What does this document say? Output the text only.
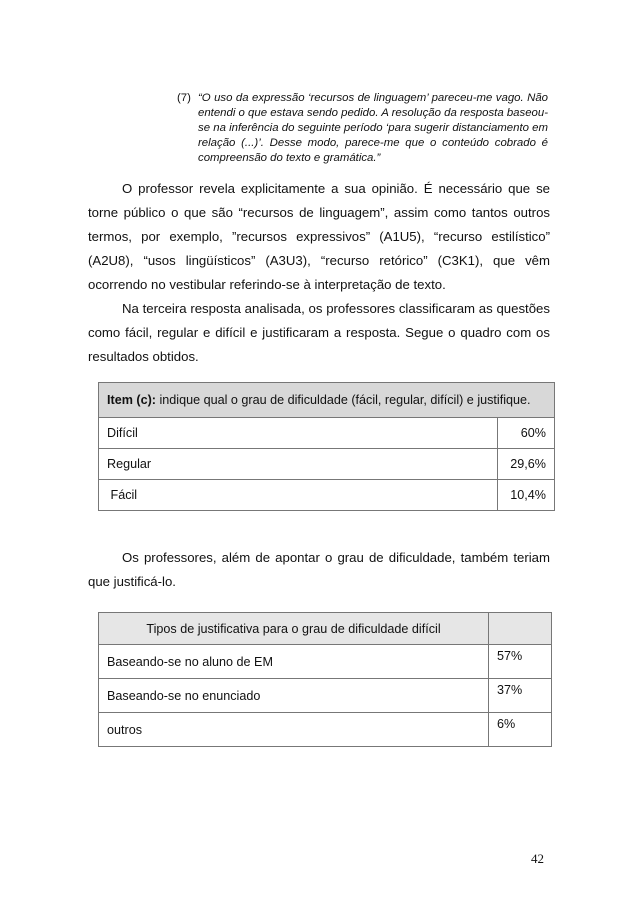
(7) “O uso da expressão ‘recursos de linguagem’ pareceu-me vago. Não entendi o que estava sendo pedido. A resolução da resposta baseou-se na inferência do seguinte período ‘para sugerir distanciamento em relação (...)’. Desse modo, parece-me que o conteúdo cobrado é compreensão do texto e gramática.”

O professor revela explicitamente a sua opinião. É necessário que se torne público o que são “recursos de linguagem”, assim como tantos outros termos, por exemplo, ”recursos expressivos” (A1U5), “recurso estilístico” (A2U8), “usos lingüísticos” (A3U3), “recurso retórico” (C3K1), que vêm ocorrendo no vestibular referindo-se à interpretação de texto.

Na terceira resposta analisada, os professores classificaram as questões como fácil, regular e difícil e justificaram a resposta. Segue o quadro com os resultados obtidos.

Item (c): indique qual o grau de dificuldade (fácil, regular, difícil) e justifique.	
Difícil	60%
Regular	29,6%
Fácil	10,4%

Os professores, além de apontar o grau de dificuldade, também teriam que justificá-lo.

Tipos de justificativa para o grau de dificuldade difícil	
Baseando-se no aluno de EM	57%
Baseando-se no enunciado	37%
outros	6%
42
